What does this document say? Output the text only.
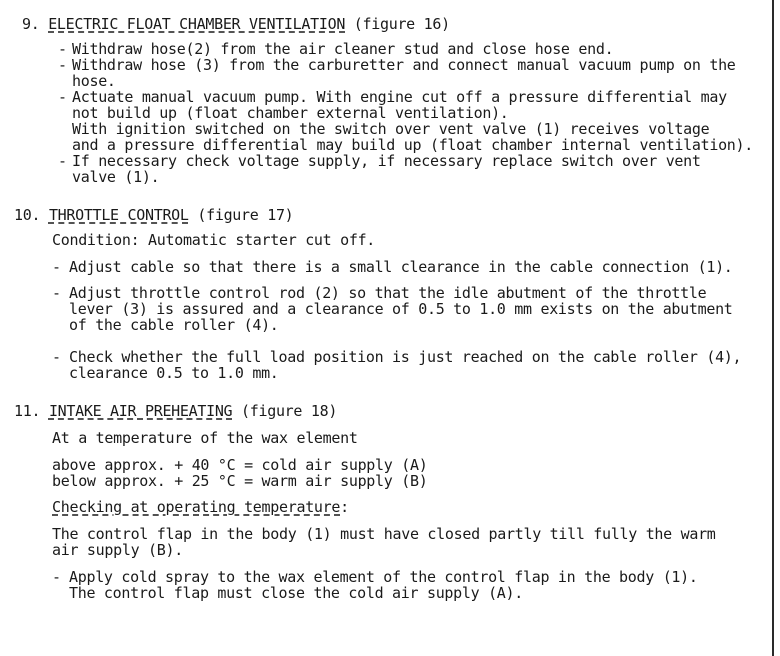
9. ELECTRIC FLOAT CHAMBER VENTILATION (figure 16)
- Withdraw hose(2) from the air cleaner stud and close hose end.
- Withdraw hose (3) from the carburetter and connect manual vacuum pump on the
hose.
- Actuate manual vacuum pump. With engine cut off a pressure differential may
not build up (float chamber external ventilation).
With ignition switched on the switch over vent valve (1) receives voltage
and a pressure differential may build up (float chamber internal ventilation).
- If necessary check voltage supply, if necessary replace switch over vent
valve (1).
10. THROTTLE CONTROL (figure 17)
Condition: Automatic starter cut off.
- Adjust cable so that there is a small clearance in the cable connection (1).
- Adjust throttle control rod (2) so that the idle abutment of the throttle
lever (3) is assured and a clearance of 0.5 to 1.0 mm exists on the abutment
of the cable roller (4).
- Check whether the full load position is just reached on the cable roller (4),
clearance 0.5 to 1.0 mm.
11. INTAKE AIR PREHEATING (figure 18)
At a temperature of the wax element
above approx. + 40 °C = cold air supply (A)
below approx. + 25 °C = warm air supply (B)
Checking at operating temperature:
The control flap in the body (1) must have closed partly till fully the warm
air supply (B).
- Apply cold spray to the wax element of the control flap in the body (1).
The control flap must close the cold air supply (A).
